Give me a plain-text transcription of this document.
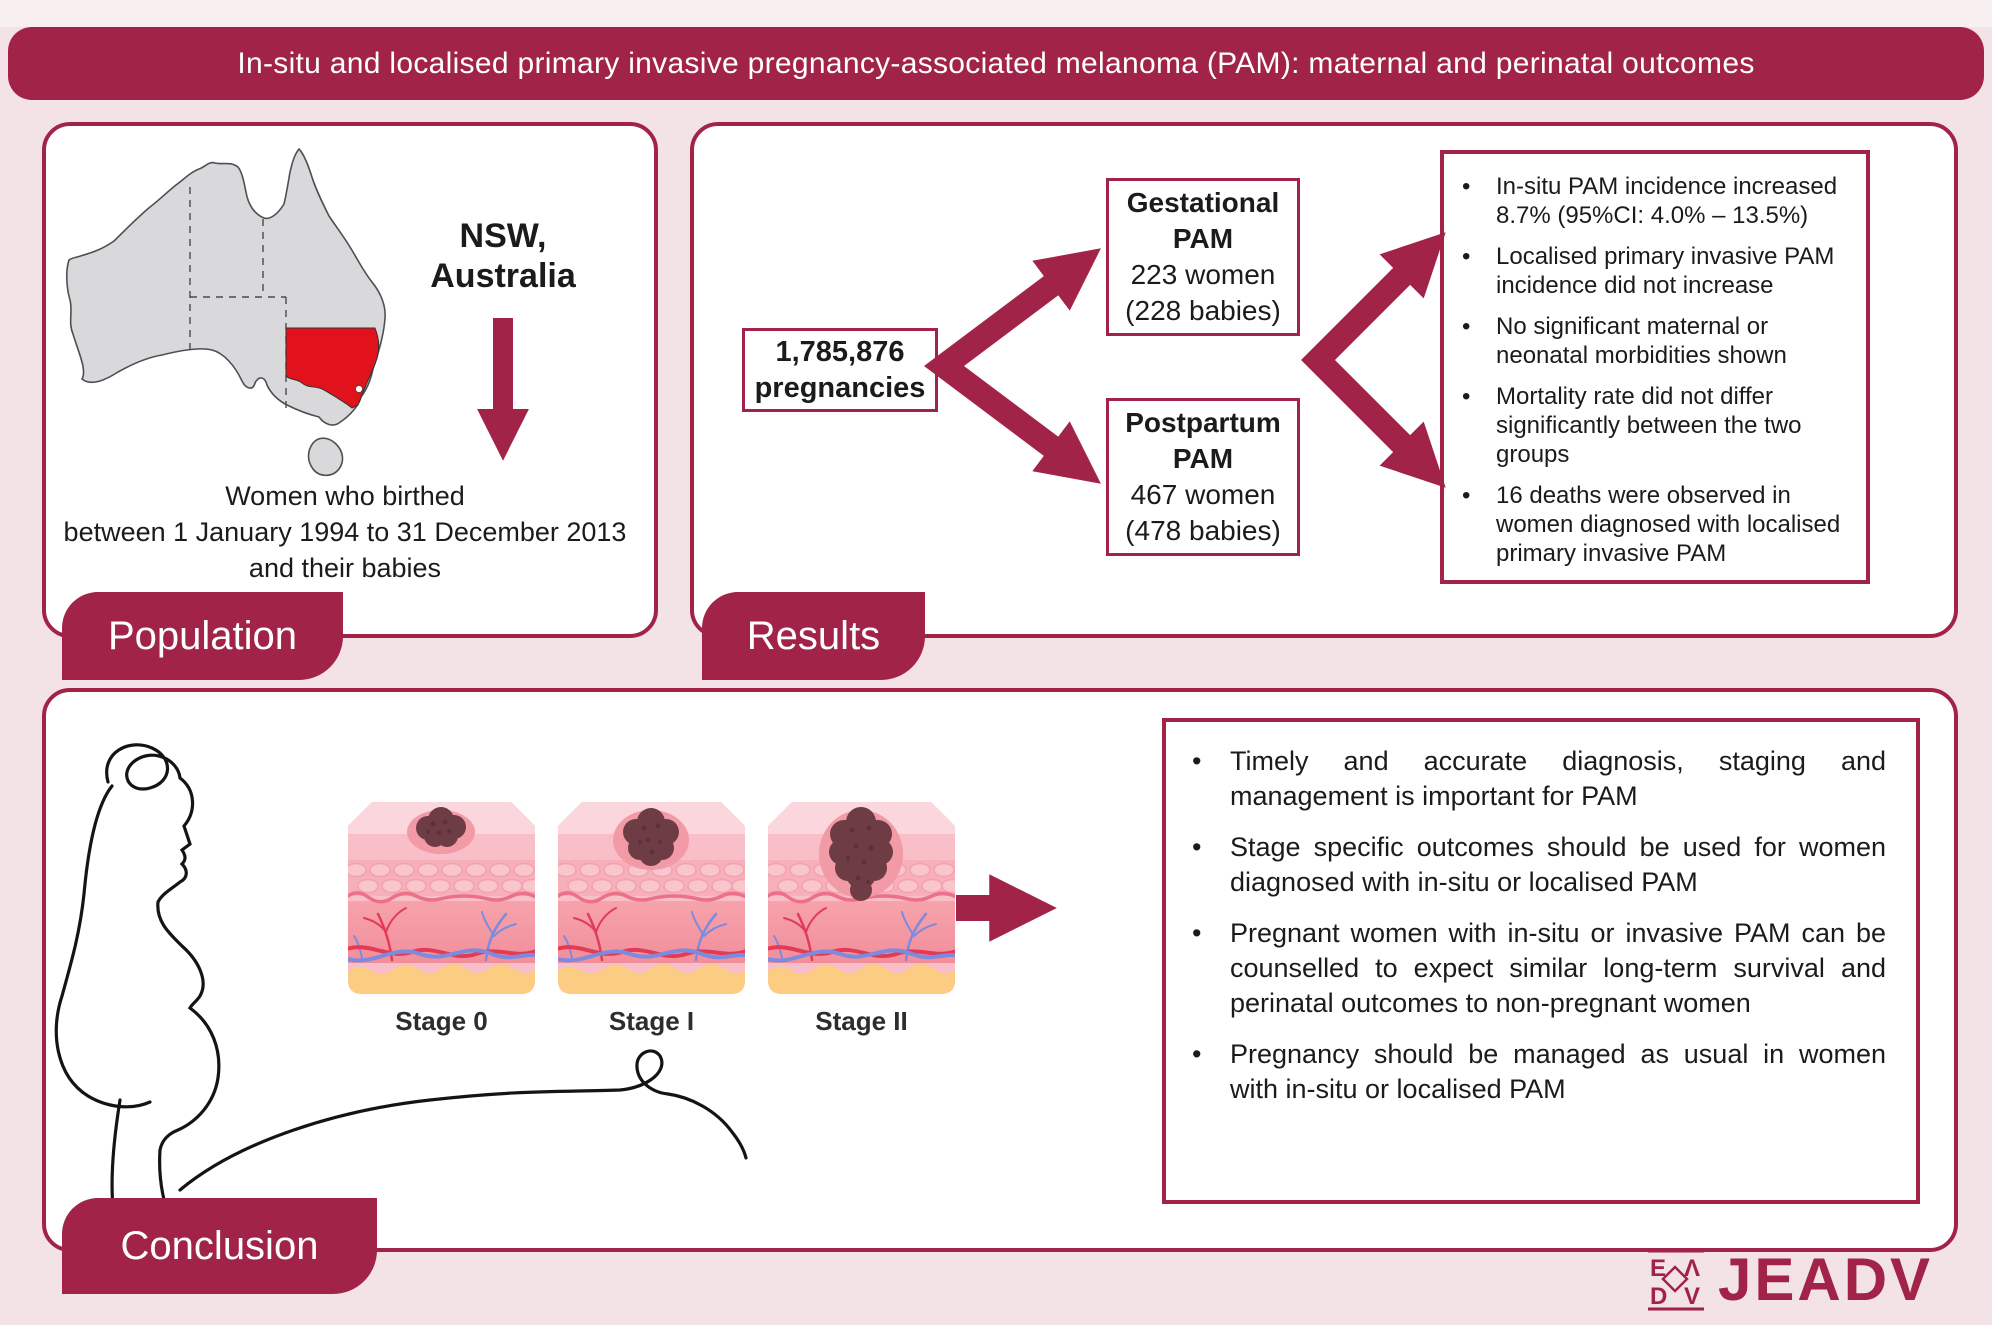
In-situ and localised primary invasive pregnancy-associated melanoma (PAM): maternal and perinatal outcomes
NSW,
Australia
Women who birthed
between 1 January 1994 to 31 December 2013
and their babies
Population
1,785,876
pregnancies
Gestational
PAM
223 women
(228 babies)
Postpartum
PAM
467 women
(478 babies)
•	In-situ PAM incidence increased 8.7% (95%CI: 4.0% – 13.5%)
•	Localised primary invasive PAM incidence did not increase
•	No significant maternal or neonatal morbidities shown
•	Mortality rate did not differ significantly between the two groups
•	16 deaths were observed in women diagnosed with localised primary invasive PAM
Results
Stage 0	Stage I	Stage II
•	Timely and accurate diagnosis, staging and management is important for PAM
•	Stage specific outcomes should be used for women diagnosed with in-situ or localised PAM
•	Pregnant women with in-situ or invasive PAM can be counselled to expect similar long-term survival and perinatal outcomes to non-pregnant women
•	Pregnancy should be managed as usual in women with in-situ or localised PAM
Conclusion
E Λ
D V JEADV
